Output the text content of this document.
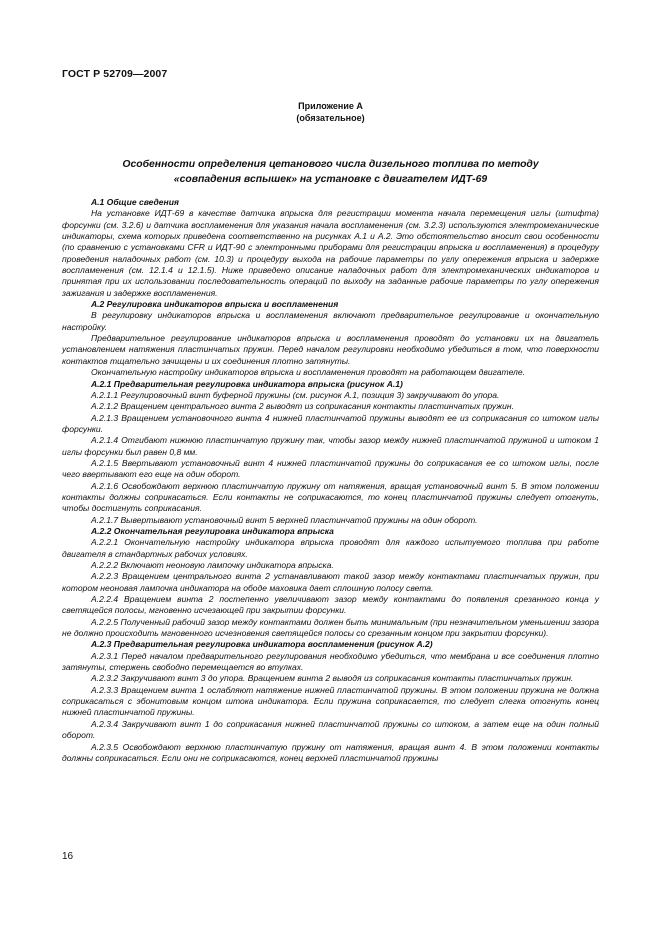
ГОСТ Р 52709—2007
Приложение А
(обязательное)
Особенности определения цетанового числа дизельного топлива по методу
«совпадения вспышек» на установке с двигателем ИДТ-69

А.1 Общие сведения

На установке ИДТ-69 в качестве датчика впрыска для регистрации момента начала перемещения иглы (штифта) форсунки (см. 3.2.6) и датчика воспламенения для указания начала воспламенения (см. 3.2.3) используются электромеханические индикаторы, схема которых приведена соответственно на рисунках А.1 и А.2. Это обстоятельство вносит свои особенности (по сравнению с установками CFR и ИДТ-90 с электронными приборами для регистрации впрыска и воспламенения) в процедуру проведения наладочных работ (см. 10.3) и процедуру выхода на рабочие параметры по углу опережения впрыска и задержке воспламенения (см. 12.1.4 и 12.1.5). Ниже приведено описание наладочных работ для электромеханических индикаторов и принятая при их использовании последовательность операций по выходу на заданные рабочие параметры по углу опережения зажигания и задержке воспламенения.

А.2 Регулировка индикаторов впрыска и воспламенения

В регулировку индикаторов впрыска и воспламенения включают предварительное регулирование и окончательную настройку.

Предварительное регулирование индикаторов впрыска и воспламенения проводят до установки их на двигатель установлением натяжения пластинчатых пружин. Перед началом регулировки необходимо убедиться в том, что поверхности контактов тщательно зачищены и их соединения плотно затянуты.

Окончательную настройку индикаторов впрыска и воспламенения проводят на работающем двигателе.

А.2.1 Предварительная регулировка индикатора впрыска (рисунок А.1)

А.2.1.1 Регулировочный винт буферной пружины (см. рисунок А.1, позиция 3) закручивают до упора.

А.2.1.2 Вращением центрального винта 2 выводят из соприкасания контакты пластинчатых пружин.

А.2.1.3 Вращением установочного винта 4 нижней пластинчатой пружины выводят ее из соприкасания со штоком иглы форсунки.

А.2.1.4 Отгибают нижнюю пластинчатую пружину так, чтобы зазор между нижней пластинчатой пружиной и штоком 1 иглы форсунки был равен 0,8 мм.

А.2.1.5 Ввертывают установочный винт 4 нижней пластинчатой пружины до соприкасания ее со штоком иглы, после чего ввертывают его еще на один оборот.

А.2.1.6 Освобождают верхнюю пластинчатую пружину от натяжения, вращая установочный винт 5. В этом положении контакты должны соприкасаться. Если контакты не соприкасаются, то конец пластинчатой пружины следует отогнуть, чтобы достигнуть соприкасания.

А.2.1.7 Вывертывают установочный винт 5 верхней пластинчатой пружины на один оборот.

А.2.2 Окончательная регулировка индикатора впрыска

А.2.2.1 Окончательную настройку индикатора впрыска проводят для каждого испытуемого топлива при работе двигателя в стандартных рабочих условиях.

А.2.2.2 Включают неоновую лампочку индикатора впрыска.

А.2.2.3 Вращением центрального винта 2 устанавливают такой зазор между контактами пластинчатых пружин, при котором неоновая лампочка индикатора на ободе маховика дает сплошную полосу света.

А.2.2.4 Вращением винта 2 постепенно увеличивают зазор между контактами до появления срезанного конца у светящейся полосы, мгновенно исчезающей при закрытии форсунки.

А.2.2.5 Полученный рабочий зазор между контактами должен быть минимальным (при незначительном уменьшении зазора не должно происходить мгновенного исчезновения светящейся полосы со срезанным концом при закрытии форсунки).

А.2.3 Предварительная регулировка индикатора воспламенения (рисунок А.2)

А.2.3.1 Перед началом предварительного регулирования необходимо убедиться, что мембрана и все соединения плотно затянуты, стержень свободно перемещается во втулках.

А.2.3.2 Закручивают винт 3 до упора. Вращением винта 2 выводя из соприкасания контакты пластинчатых пружин.

А.2.3.3 Вращением винта 1 ослабляют натяжение нижней пластинчатой пружины. В этом положении пружина не должна соприкасаться с эбонитовым концом штока индикатора. Если пружина соприкасается, то следует слегка отогнуть конец нижней пластинчатой пружины.

А.2.3.4 Закручивают винт 1 до соприкасания нижней пластинчатой пружины со штоком, а затем еще на один полный оборот.

А.2.3.5 Освобождают верхнюю пластинчатую пружину от натяжения, вращая винт 4. В этом положении контакты должны соприкасаться. Если они не соприкасаются, конец верхней пластинчатой пружины

16
